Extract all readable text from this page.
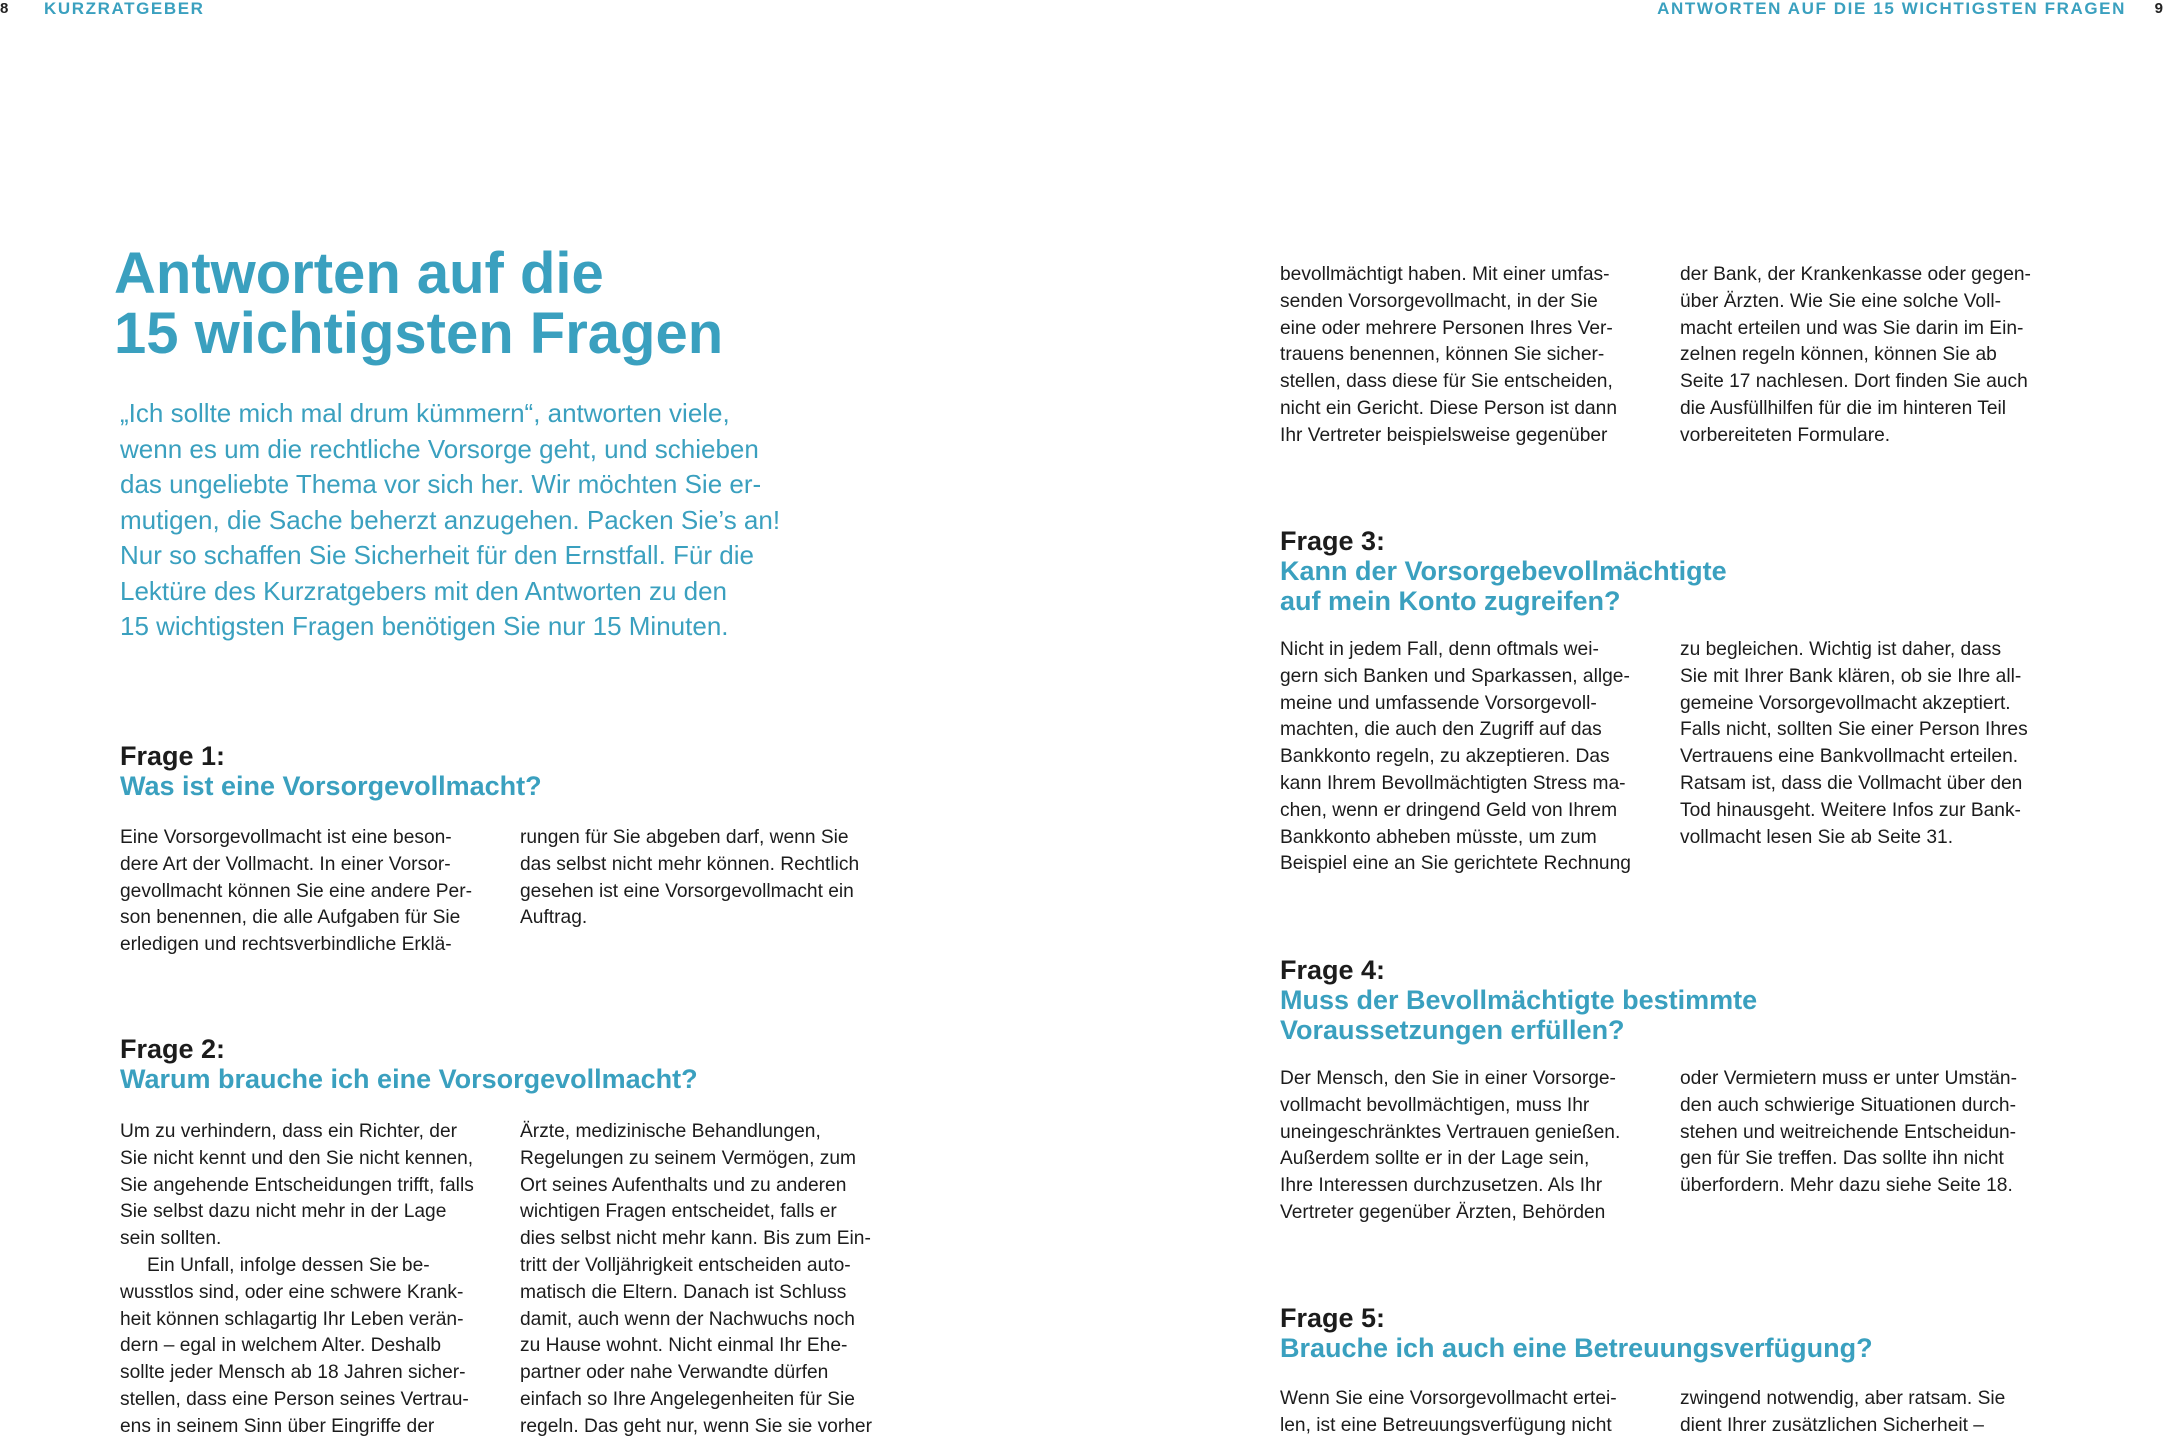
8 KURZRATGEBER	ANTWORTEN AUF DIE 15 WICHTIGSTEN FRAGEN 9
Antworten auf die
15 wichtigsten Fragen

„Ich sollte mich mal drum kümmern“, antworten viele,
wenn es um die rechtliche Vorsorge geht, und schieben
das ungeliebte Thema vor sich her. Wir möchten Sie er-
mutigen, die Sache beherzt anzugehen. Packen Sie’s an!
Nur so schaffen Sie Sicherheit für den Ernstfall. Für die
Lektüre des Kurzratgebers mit den Antworten zu den
15 wichtigsten Fragen benötigen Sie nur 15 Minuten.

Frage 1:
Was ist eine Vorsorgevollmacht?
Eine Vorsorgevollmacht ist eine beson-
dere Art der Vollmacht. In einer Vorsor-
gevollmacht können Sie eine andere Per-
son benennen, die alle Aufgaben für Sie
erledigen und rechtsverbindliche Erklä-
rungen für Sie abgeben darf, wenn Sie
das selbst nicht mehr können. Rechtlich
gesehen ist eine Vorsorgevollmacht ein
Auftrag.
Frage 2:
Warum brauche ich eine Vorsorgevollmacht?
Um zu verhindern, dass ein Richter, der
Sie nicht kennt und den Sie nicht kennen,
Sie angehende Entscheidungen trifft, falls
Sie selbst dazu nicht mehr in der Lage
sein sollten.
Ein Unfall, infolge dessen Sie be-
wusstlos sind, oder eine schwere Krank-
heit können schlagartig Ihr Leben verän-
dern – egal in welchem Alter. Deshalb
sollte jeder Mensch ab 18 Jahren sicher-
stellen, dass eine Person seines Vertrau-
ens in seinem Sinn über Eingriffe der
Ärzte, medizinische Behandlungen,
Regelungen zu seinem Vermögen, zum
Ort seines Aufenthalts und zu anderen
wichtigen Fragen entscheidet, falls er
dies selbst nicht mehr kann. Bis zum Ein-
tritt der Volljährigkeit entscheiden auto-
matisch die Eltern. Danach ist Schluss
damit, auch wenn der Nachwuchs noch
zu Hause wohnt. Nicht einmal Ihr Ehe-
partner oder nahe Verwandte dürfen
einfach so Ihre Angelegenheiten für Sie
regeln. Das geht nur, wenn Sie sie vorher
bevollmächtigt haben. Mit einer umfas-
senden Vorsorgevollmacht, in der Sie
eine oder mehrere Personen Ihres Ver-
trauens benennen, können Sie sicher-
stellen, dass diese für Sie entscheiden,
nicht ein Gericht. Diese Person ist dann
Ihr Vertreter beispielsweise gegenüber
der Bank, der Krankenkasse oder gegen-
über Ärzten. Wie Sie eine solche Voll-
macht erteilen und was Sie darin im Ein-
zelnen regeln können, können Sie ab
Seite 17 nachlesen. Dort finden Sie auch
die Ausfüllhilfen für die im hinteren Teil
vorbereiteten Formulare.
Frage 3:
Kann der Vorsorgebevollmächtigte
auf mein Konto zugreifen?
Nicht in jedem Fall, denn oftmals wei-
gern sich Banken und Sparkassen, allge-
meine und umfassende Vorsorgevoll-
machten, die auch den Zugriff auf das
Bankkonto regeln, zu akzeptieren. Das
kann Ihrem Bevollmächtigten Stress ma-
chen, wenn er dringend Geld von Ihrem
Bankkonto abheben müsste, um zum
Beispiel eine an Sie gerichtete Rechnung
zu begleichen. Wichtig ist daher, dass
Sie mit Ihrer Bank klären, ob sie Ihre all-
gemeine Vorsorgevollmacht akzeptiert.
Falls nicht, sollten Sie einer Person Ihres
Vertrauens eine Bankvollmacht erteilen.
Ratsam ist, dass die Vollmacht über den
Tod hinausgeht. Weitere Infos zur Bank-
vollmacht lesen Sie ab Seite 31.
Frage 4:
Muss der Bevollmächtigte bestimmte
Voraussetzungen erfüllen?
Der Mensch, den Sie in einer Vorsorge-
vollmacht bevollmächtigen, muss Ihr
uneingeschränktes Vertrauen genießen.
Außerdem sollte er in der Lage sein,
Ihre Interessen durchzusetzen. Als Ihr
Vertreter gegenüber Ärzten, Behörden
oder Vermietern muss er unter Umstän-
den auch schwierige Situationen durch-
stehen und weitreichende Entscheidun-
gen für Sie treffen. Das sollte ihn nicht
überfordern. Mehr dazu siehe Seite 18.
Frage 5:
Brauche ich auch eine Betreuungsverfügung?
Wenn Sie eine Vorsorgevollmacht ertei-
len, ist eine Betreuungsverfügung nicht
zwingend notwendig, aber ratsam. Sie
dient Ihrer zusätzlichen Sicherheit –
